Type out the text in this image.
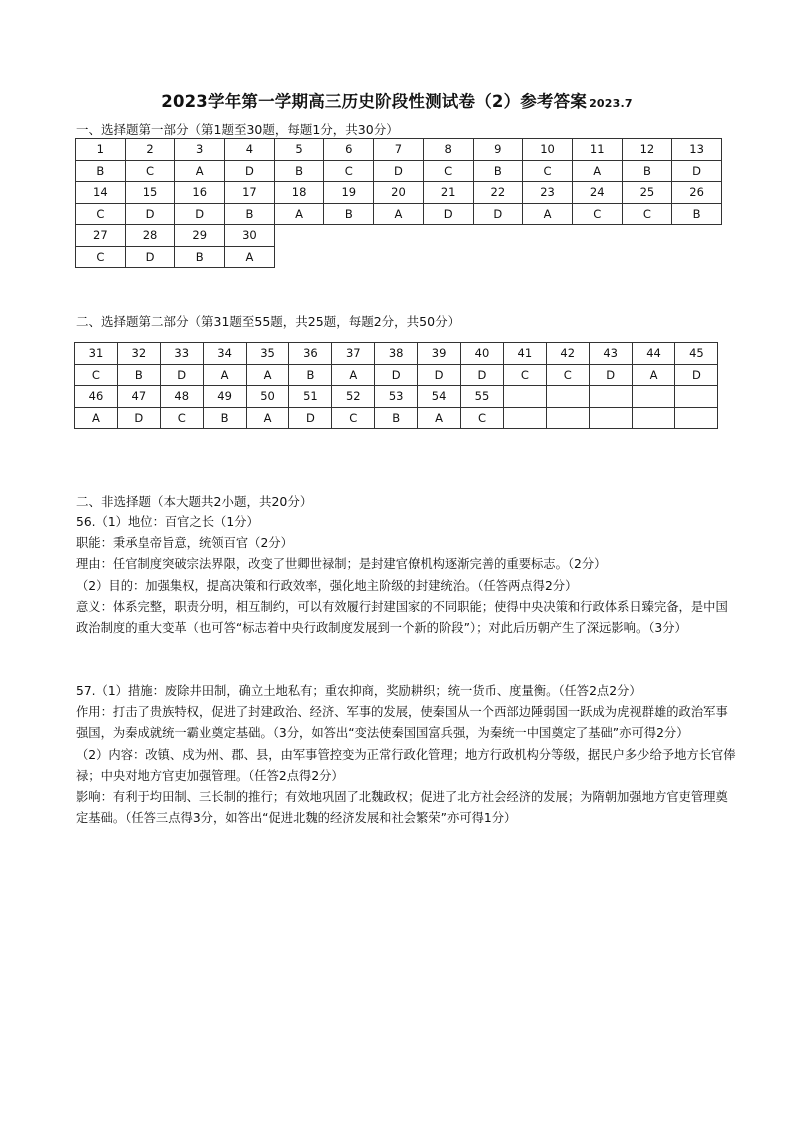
2023学年第一学期高三历史阶段性测试卷（2）参考答案 2023.7
一、选择题第一部分（第1题至30题，每题1分，共30分）
1	2	3	4	5	6	7	8	9	10	11	12	13
B	C	A	D	B	C	D	C	B	C	A	B	D
14	15	16	17	18	19	20	21	22	23	24	25	26
C	D	D	B	A	B	A	D	D	A	C	C	B
27	28	29	30									
C	D	B	A									
二、选择题第二部分（第31题至55题，共25题，每题2分，共50分）
31	32	33	34	35	36	37	38	39	40	41	42	43	44	45
C	B	D	A	A	B	A	D	D	D	C	C	D	A	D
46	47	48	49	50	51	52	53	54	55					
A	D	C	B	A	D	C	B	A	C					
二、非选择题（本大题共2小题，共20分）

56.（1）地位：百官之长（1分）

职能：秉承皇帝旨意，统领百官（2分）

理由：任官制度突破宗法界限，改变了世卿世禄制；是封建官僚机构逐渐完善的重要标志。（2分）

（2）目的：加强集权，提高决策和行政效率，强化地主阶级的封建统治。（任答两点得2分）

意义：体系完整，职责分明，相互制约，可以有效履行封建国家的不同职能；使得中央决策和行政体系日臻完备，是中国政治制度的重大变革（也可答“标志着中央行政制度发展到一个新的阶段”）；对此后历朝产生了深远影响。（3分）

57.（1）措施：废除井田制，确立土地私有；重农抑商，奖励耕织；统一货币、度量衡。（任答2点2分）

作用：打击了贵族特权，促进了封建政治、经济、军事的发展，使秦国从一个西部边陲弱国一跃成为虎视群雄的政治军事强国，为秦成就统一霸业奠定基础。（3分，如答出“变法使秦国国富兵强，为秦统一中国奠定了基础”亦可得2分）

（2）内容：改镇、戍为州、郡、县，由军事管控变为正常行政化管理；地方行政机构分等级，据民户多少给予地方长官俸禄；中央对地方官吏加强管理。（任答2点得2分）

影响：有利于均田制、三长制的推行；有效地巩固了北魏政权；促进了北方社会经济的发展；为隋朝加强地方官吏管理奠定基础。（任答三点得3分，如答出“促进北魏的经济发展和社会繁荣”亦可得1分）
